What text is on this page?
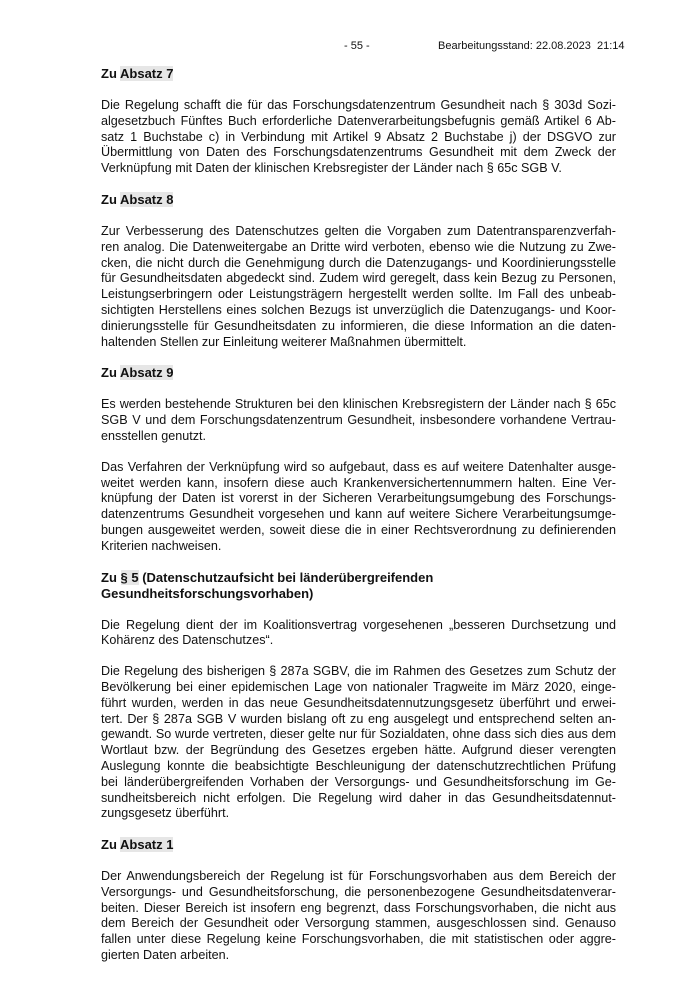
- 55 -	Bearbeitungsstand: 22.08.2023  21:14
Zu Absatz 7
Die Regelung schafft die für das Forschungsdatenzentrum Gesundheit nach § 303d Sozi-
algesetzbuch Fünftes Buch erforderliche Datenverarbeitungsbefugnis gemäß Artikel 6 Ab-
satz 1 Buchstabe c) in Verbindung mit Artikel 9 Absatz 2 Buchstabe j) der DSGVO zur
Übermittlung von Daten des Forschungsdatenzentrums Gesundheit mit dem Zweck der
Verknüpfung mit Daten der klinischen Krebsregister der Länder nach § 65c SGB V.
Zu Absatz 8
Zur Verbesserung des Datenschutzes gelten die Vorgaben zum Datentransparenzverfah-
ren analog. Die Datenweitergabe an Dritte wird verboten, ebenso wie die Nutzung zu Zwe-
cken, die nicht durch die Genehmigung durch die Datenzugangs- und Koordinierungsstelle
für Gesundheitsdaten abgedeckt sind. Zudem wird geregelt, dass kein Bezug zu Personen,
Leistungserbringern oder Leistungsträgern hergestellt werden sollte. Im Fall des unbeab-
sichtigten Herstellens eines solchen Bezugs ist unverzüglich die Datenzugangs- und Koor-
dinierungsstelle für Gesundheitsdaten zu informieren, die diese Information an die daten-
haltenden Stellen zur Einleitung weiterer Maßnahmen übermittelt.
Zu Absatz 9
Es werden bestehende Strukturen bei den klinischen Krebsregistern der Länder nach § 65c
SGB V und dem Forschungsdatenzentrum Gesundheit, insbesondere vorhandene Vertrau-
ensstellen genutzt.
Das Verfahren der Verknüpfung wird so aufgebaut, dass es auf weitere Datenhalter ausge-
weitet werden kann, insofern diese auch Krankenversichertennummern halten. Eine Ver-
knüpfung der Daten ist vorerst in der Sicheren Verarbeitungsumgebung des Forschungs-
datenzentrums Gesundheit vorgesehen und kann auf weitere Sichere Verarbeitungsumge-
bungen ausgeweitet werden, soweit diese die in einer Rechtsverordnung zu definierenden
Kriterien nachweisen.
Zu § 5 (Datenschutzaufsicht bei länderübergreifenden
Gesundheitsforschungsvorhaben)
Die Regelung dient der im Koalitionsvertrag vorgesehenen „besseren Durchsetzung und
Kohärenz des Datenschutzes“.
Die Regelung des bisherigen § 287a SGBV, die im Rahmen des Gesetzes zum Schutz der
Bevölkerung bei einer epidemischen Lage von nationaler Tragweite im März 2020, einge-
führt wurden, werden in das neue Gesundheitsdatennutzungsgesetz überführt und erwei-
tert. Der § 287a SGB V wurden bislang oft zu eng ausgelegt und entsprechend selten an-
gewandt. So wurde vertreten, dieser gelte nur für Sozialdaten, ohne dass sich dies aus dem
Wortlaut bzw. der Begründung des Gesetzes ergeben hätte. Aufgrund dieser verengten
Auslegung konnte die beabsichtigte Beschleunigung der datenschutzrechtlichen Prüfung
bei länderübergreifenden Vorhaben der Versorgungs- und Gesundheitsforschung im Ge-
sundheitsbereich nicht erfolgen. Die Regelung wird daher in das Gesundheitsdatennut-
zungsgesetz überführt.
Zu Absatz 1
Der Anwendungsbereich der Regelung ist für Forschungsvorhaben aus dem Bereich der
Versorgungs- und Gesundheitsforschung, die personenbezogene Gesundheitsdatenverar-
beiten. Dieser Bereich ist insofern eng begrenzt, dass Forschungsvorhaben, die nicht aus
dem Bereich der Gesundheit oder Versorgung stammen, ausgeschlossen sind. Genauso
fallen unter diese Regelung keine Forschungsvorhaben, die mit statistischen oder aggre-
gierten Daten arbeiten.
